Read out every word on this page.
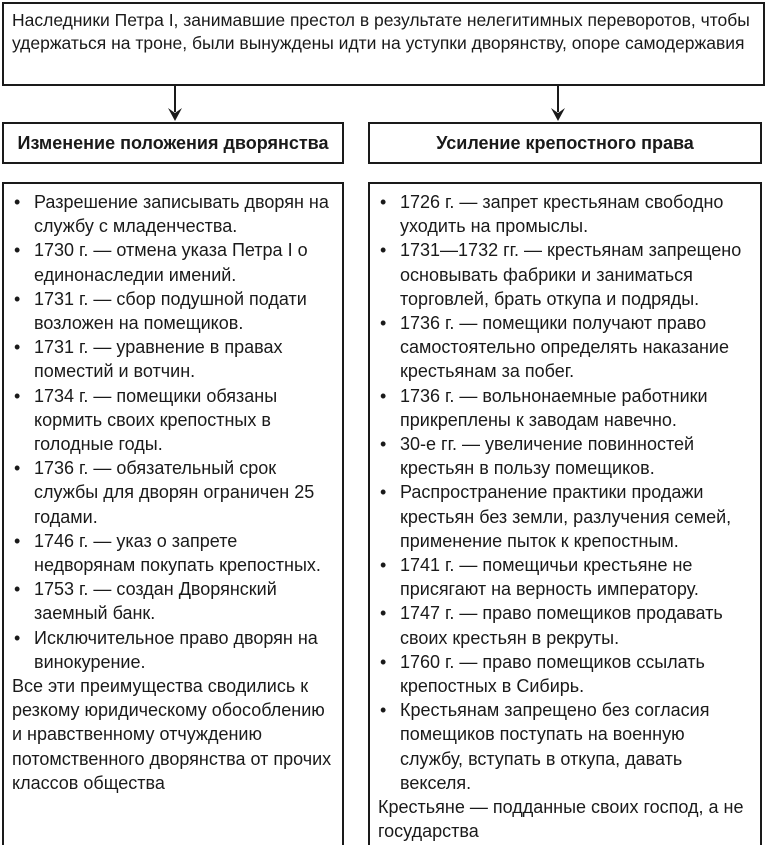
Наследники Петра I, занимавшие престол в результате нелегитимных переворотов, чтобы удержаться на троне, были вынуждены идти на уступки дворянству, опоре самодержавия
Изменение положения дворянства	Усиление крепостного права
• Разрешение записывать дворян на службу с младенчества.
• 1730 г. — отмена указа Петра I о единонаследии имений.
• 1731 г. — сбор подушной подати возложен на помещиков.
• 1731 г. — уравнение в правах поместий и вотчин.
• 1734 г. — помещики обязаны кормить своих крепостных в голодные годы.
• 1736 г. — обязательный срок службы для дворян ограничен 25 годами.
• 1746 г. — указ о запрете недворянам покупать крепостных.
• 1753 г. — создан Дворянский заемный банк.
• Исключительное право дворян на винокурение.

Все эти преимущества сводились к резкому юридическому обособлению и нравственному отчуждению потомственного дворянства от прочих классов общества

• 1726 г. — запрет крестьянам свободно уходить на промыслы.
• 1731—1732 гг. — крестьянам запрещено основывать фабрики и заниматься торговлей, брать откупа и подряды.
• 1736 г. — помещики получают право самостоятельно определять наказание крестьянам за побег.
• 1736 г. — вольнонаемные работники прикреплены к заводам навечно.
• 30-е гг. — увеличение повинностей крестьян в пользу помещиков.
• Распространение практики продажи крестьян без земли, разлучения семей, применение пыток к крепостным.
• 1741 г. — помещичьи крестьяне не присягают на верность императору.
• 1747 г. — право помещиков продавать своих крестьян в рекруты.
• 1760 г. — право помещиков ссылать крепостных в Сибирь.
• Крестьянам запрещено без согласия помещиков поступать на военную службу, вступать в откупа, давать векселя.

Крестьяне — подданные своих господ, а не государства
